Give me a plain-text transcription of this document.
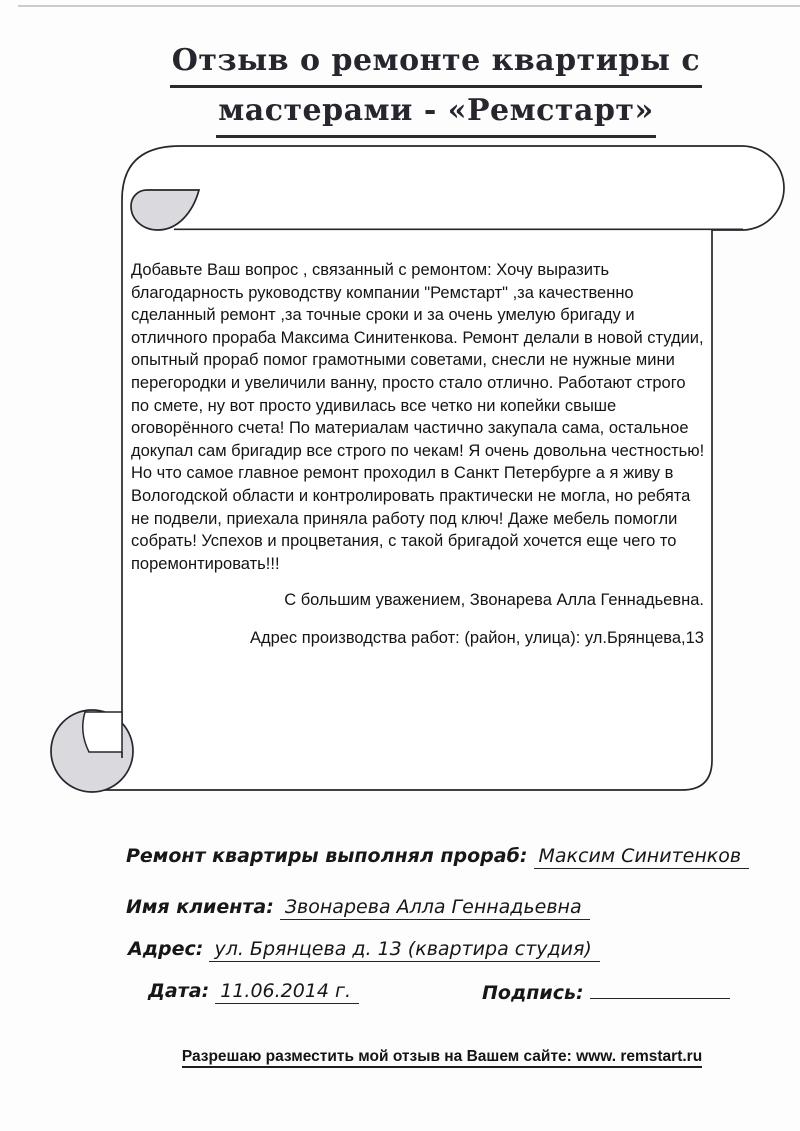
Отзыв о ремонте квартиры с
мастерами - «Ремстарт»
Добавьте Ваш вопрос , связанный с ремонтом: Хочу выразить
благодарность руководству компании "Ремстарт" ,за качественно
сделанный ремонт ,за точные сроки и за очень умелую бригаду и
отличного прораба Максима Синитенкова. Ремонт делали в новой студии,
опытный прораб помог грамотными советами, снесли не нужные мини
перегородки и увеличили ванну, просто стало отлично. Работают строго
по смете, ну вот просто удивилась все четко ни копейки свыше
оговорённого счета! По материалам частично закупала сама, остальное
докупал сам бригадир все строго по чекам! Я очень довольна честностью!
Но что самое главное ремонт проходил в Санкт Петербурге а я живу в
Вологодской области и контролировать практически не могла, но ребята
не подвели, приехала приняла работу под ключ! Даже мебель помогли
собрать! Успехов и процветания, с такой бригадой хочется еще чего то
поремонтировать!!!
С большим уважением, Звонарева Алла Геннадьевна.
Адрес производства работ: (район, улица): ул.Брянцева,13
Ремонт квартиры выполнял прораб: Максим Синитенков
Имя клиента: Звонарева Алла Геннадьевна
Адрес: ул. Брянцева д. 13 (квартира студия)
Дата: 11.06.2014 г.	Подпись:
Разрешаю разместить мой отзыв на Вашем сайте: www. remstart.ru
